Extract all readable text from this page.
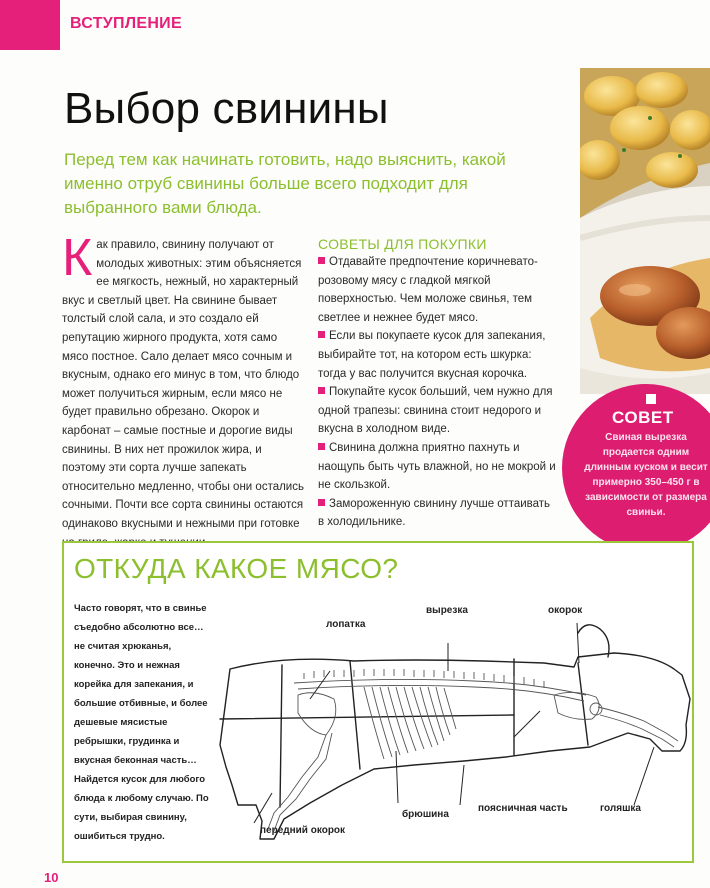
ВСТУПЛЕНИЕ
Выбор свинины
Перед тем как начинать готовить, надо выяснить, какой именно отруб свинины больше всего подходит для выбранного вами блюда.
К ак правило, свинину получают от молодых животных: этим объясняется ее мягкость, нежный, но характерный вкус и светлый цвет. На свинине бывает толстый слой сала, и это создало ей репутацию жирного продукта, хотя само мясо постное. Сало делает мясо сочным и вкусным, однако его минус в том, что блюдо может получиться жирным, если мясо не будет правильно обрезано. Окорок и карбонат – самые постные и дорогие виды свинины. В них нет прожилок жира, и поэтому эти сорта лучше запекать относительно медленно, чтобы они остались сочными. Почти все сорта свинины остаются одинаково вкусными и нежными при готовке

СОВЕТЫ ДЛЯ ПОКУПКИ

Отдавайте предпочтение коричневато-розовому мясу с гладкой мягкой поверхностью. Чем моложе свинья, тем светлее и нежнее будет мясо.

Если вы покупаете кусок для запекания, выбирайте тот, на котором есть шкурка: тогда у вас получится вкусная корочка.

Покупайте кусок больший, чем нужно для одной трапезы: свинина стоит недорого и вкусна в холодном виде.

Свинина должна приятно пахнуть и наощупь быть чуть влажной, но не мокрой и не скользкой.

Замороженную свинину лучше оттаивать в холодильнике.

СОВЕТ
Свиная вырезка продается одним длинным куском и весит примерно 350–450 г в зависимости от размера свиньи.
ОТКУДА КАКОЕ МЯСО?
Часто говорят, что в свинье съедобно абсолютно все… не считая хрюканья, конечно. Это и нежная корейка для запекания, и большие отбивные, и более дешевые мясистые ребрышки, грудинка и вкусная беконная часть… Найдется кусок для любого блюда к любому случаю. По сути, выбирая свинину, ошибиться трудно.
лопатка
вырезка	окорок
передний окорок
брюшина
поясничная часть	голяшка
10
